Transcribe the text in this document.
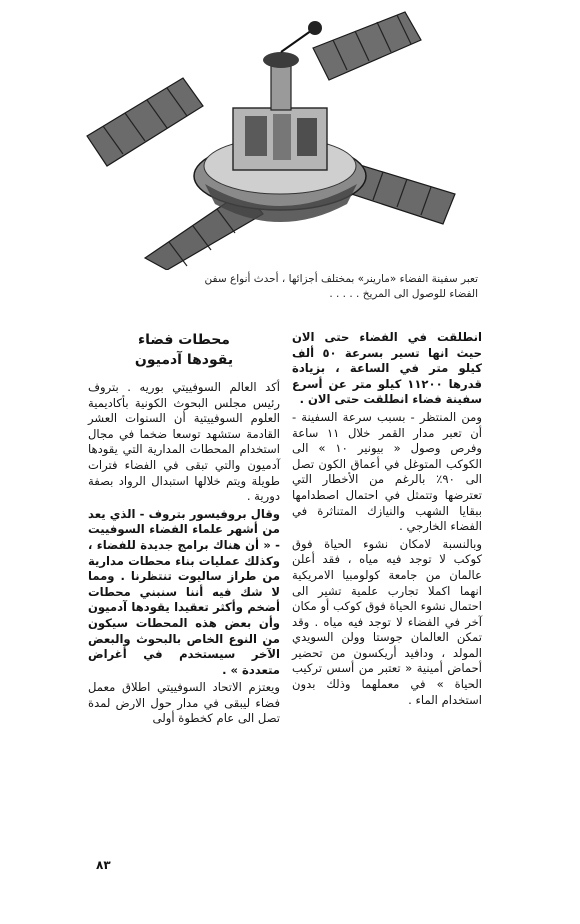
تعبر سفينة الفضاء «مارينر» بمختلف أجزائها ، أحدث أنواع سفن الفضاء للوصول الى المريخ . . . . .

انطلقت في الفضاء حتى الان حيث انها تسير بسرعة ٥٠ ألف كيلو متر في الساعة ، بزيادة قدرها ١١٢٠٠ كيلو متر عن أسرع سفينة فضاء انطلقت حتى الان .

ومن المنتظر - بسبب سرعة السفينة - أن تعبر مدار القمر خلال ١١ ساعة وفرص وصول « بيونير ١٠ » الى الكوكب المتوغل في أعماق الكون تصل الى ٩٠٪ بالرغم من الأخطار التي تعترضها وتتمثل في احتمال اصطدامها ببقايا الشهب والنيازك المتناثرة في الفضاء الخارجي .

وبالنسبة لامكان نشوء الحياة فوق كوكب لا توجد فيه مياه ، فقد أعلن عالمان من جامعة كولومبيا الامريكية انهما اكملا تجارب علمية تشير الى احتمال نشوء الحياة فوق كوكب أو مكان آخر في الفضاء لا توجد فيه مياه . وقد تمكن العالمان جوستا وولن السويدي المولد ، ودافيد أريكسون من تحضير أحماض أمينية « تعتبر من أسس تركيب الحياة » في معملهما وذلك بدون استخدام الماء .

محطات فضاء
يقودها آدميون

أكد العالم السوفييتي بوريه . بتروف رئيس مجلس البحوث الكونية بأكاديمية العلوم السوفييتية أن السنوات العشر القادمة ستشهد توسعا ضخما في مجال استخدام المحطات المدارية التي يقودها آدميون والتي تبقى في الفضاء فترات طويلة ويتم خلالها استبدال الرواد بصفة دورية .

وقال بروفيسور بتروف - الذي يعد من أشهر علماء الفضاء السوفييت - « أن هناك برامج جديدة للفضاء ، وكذلك عمليات بناء محطات مدارية من طراز ساليوت تنتظرنا . ومما لا شك فيه أننا سنبني محطات أضخم وأكثر تعقيدا يقودها آدميون وأن بعض هذه المحطات سيكون من النوع الخاص بالبحوث والبعض الآخر سيستخدم في أغراض متعددة » .

ويعتزم الاتحاد السوفييتي اطلاق معمل فضاء ليبقى في مدار حول الارض لمدة تصل الى عام كخطوة أولى

٨٣
